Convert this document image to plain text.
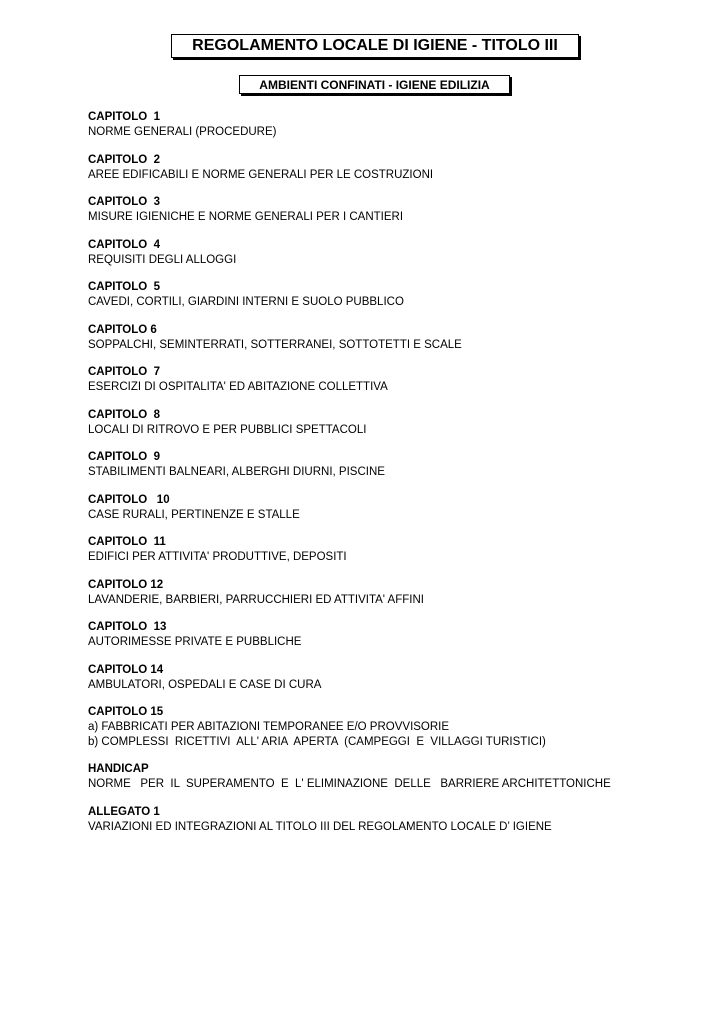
REGOLAMENTO LOCALE DI IGIENE - TITOLO III
AMBIENTI CONFINATI - IGIENE EDILIZIA
CAPITOLO  1
NORME GENERALI (PROCEDURE)
CAPITOLO  2
AREE EDIFICABILI E NORME GENERALI PER LE COSTRUZIONI
CAPITOLO  3
MISURE IGIENICHE E NORME GENERALI PER I CANTIERI
CAPITOLO  4
REQUISITI DEGLI ALLOGGI
CAPITOLO  5
CAVEDI, CORTILI, GIARDINI INTERNI E SUOLO PUBBLICO
CAPITOLO 6
SOPPALCHI, SEMINTERRATI, SOTTERRANEI, SOTTOTETTI E SCALE
CAPITOLO  7
ESERCIZI DI OSPITALITA' ED ABITAZIONE COLLETTIVA
CAPITOLO  8
LOCALI DI RITROVO E PER PUBBLICI SPETTACOLI
CAPITOLO  9
STABILIMENTI BALNEARI, ALBERGHI DIURNI, PISCINE
CAPITOLO   10
CASE RURALI, PERTINENZE E STALLE
CAPITOLO  11
EDIFICI PER ATTIVITA' PRODUTTIVE, DEPOSITI
CAPITOLO 12
LAVANDERIE, BARBIERI, PARRUCCHIERI ED ATTIVITA' AFFINI
CAPITOLO  13
AUTORIMESSE PRIVATE E PUBBLICHE
CAPITOLO 14
AMBULATORI, OSPEDALI E CASE DI CURA
CAPITOLO 15
a) FABBRICATI PER ABITAZIONI TEMPORANEE E/O PROVVISORIE
b) COMPLESSI  RICETTIVI  ALL' ARIA  APERTA  (CAMPEGGI  E  VILLAGGI TURISTICI)
HANDICAP
NORME   PER  IL  SUPERAMENTO  E  L' ELIMINAZIONE  DELLE   BARRIERE ARCHITETTONICHE
ALLEGATO 1
VARIAZIONI ED INTEGRAZIONI AL TITOLO III DEL REGOLAMENTO LOCALE D’ IGIENE
